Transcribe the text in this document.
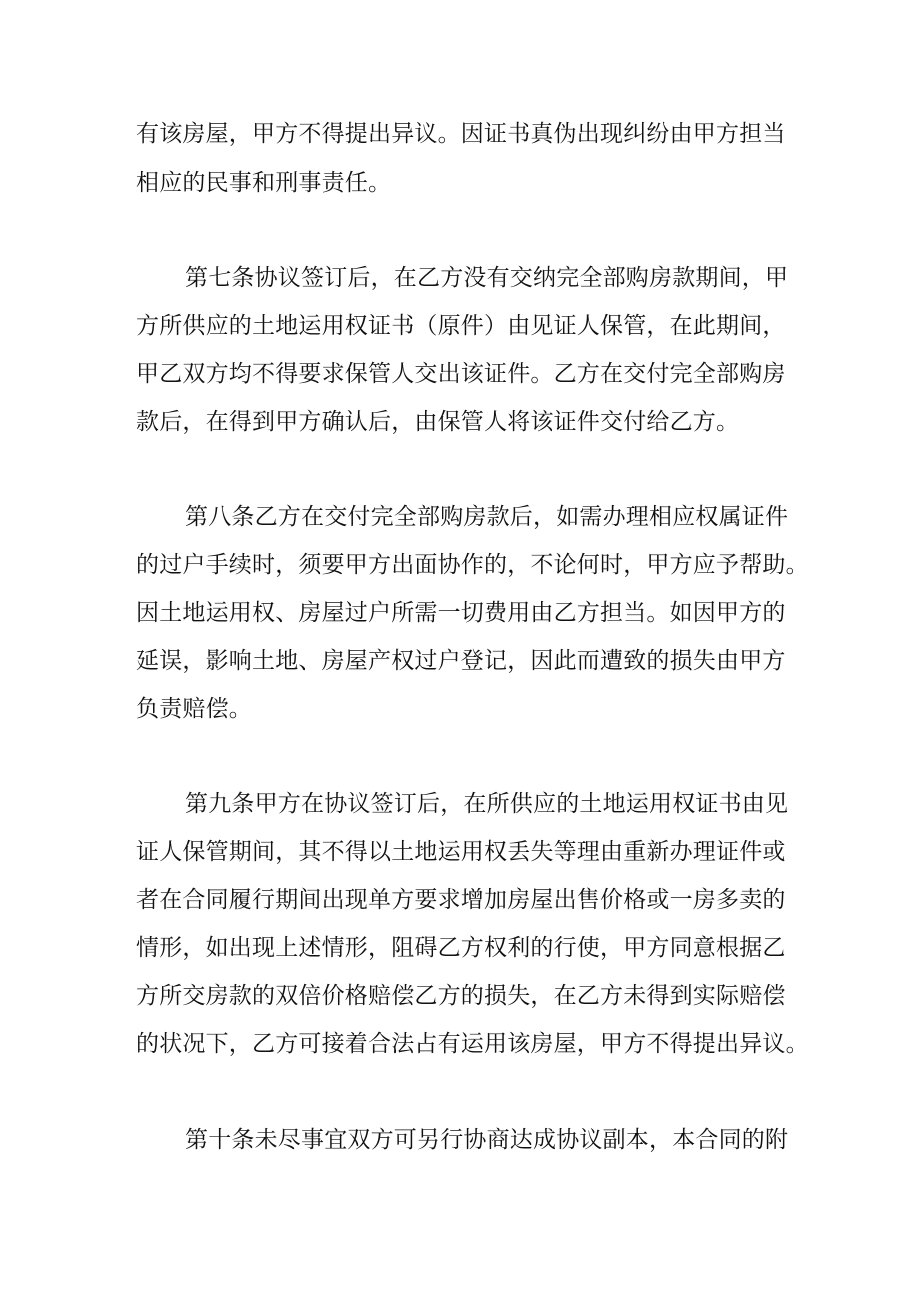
有该房屋，甲方不得提出异议。因证书真伪出现纠纷由甲方担当
相应的民事和刑事责任。
第七条协议签订后，在乙方没有交纳完全部购房款期间，甲
方所供应的土地运用权证书（原件）由见证人保管，在此期间，
甲乙双方均不得要求保管人交出该证件。乙方在交付完全部购房
款后，在得到甲方确认后，由保管人将该证件交付给乙方。
第八条乙方在交付完全部购房款后，如需办理相应权属证件
的过户手续时，须要甲方出面协作的，不论何时，甲方应予帮助。
因土地运用权、房屋过户所需一切费用由乙方担当。如因甲方的
延误，影响土地、房屋产权过户登记，因此而遭致的损失由甲方
负责赔偿。
第九条甲方在协议签订后，在所供应的土地运用权证书由见
证人保管期间，其不得以土地运用权丢失等理由重新办理证件或
者在合同履行期间出现单方要求增加房屋出售价格或一房多卖的
情形，如出现上述情形，阻碍乙方权利的行使，甲方同意根据乙
方所交房款的双倍价格赔偿乙方的损失，在乙方未得到实际赔偿
的状况下，乙方可接着合法占有运用该房屋，甲方不得提出异议。
第十条未尽事宜双方可另行协商达成协议副本，本合同的附
